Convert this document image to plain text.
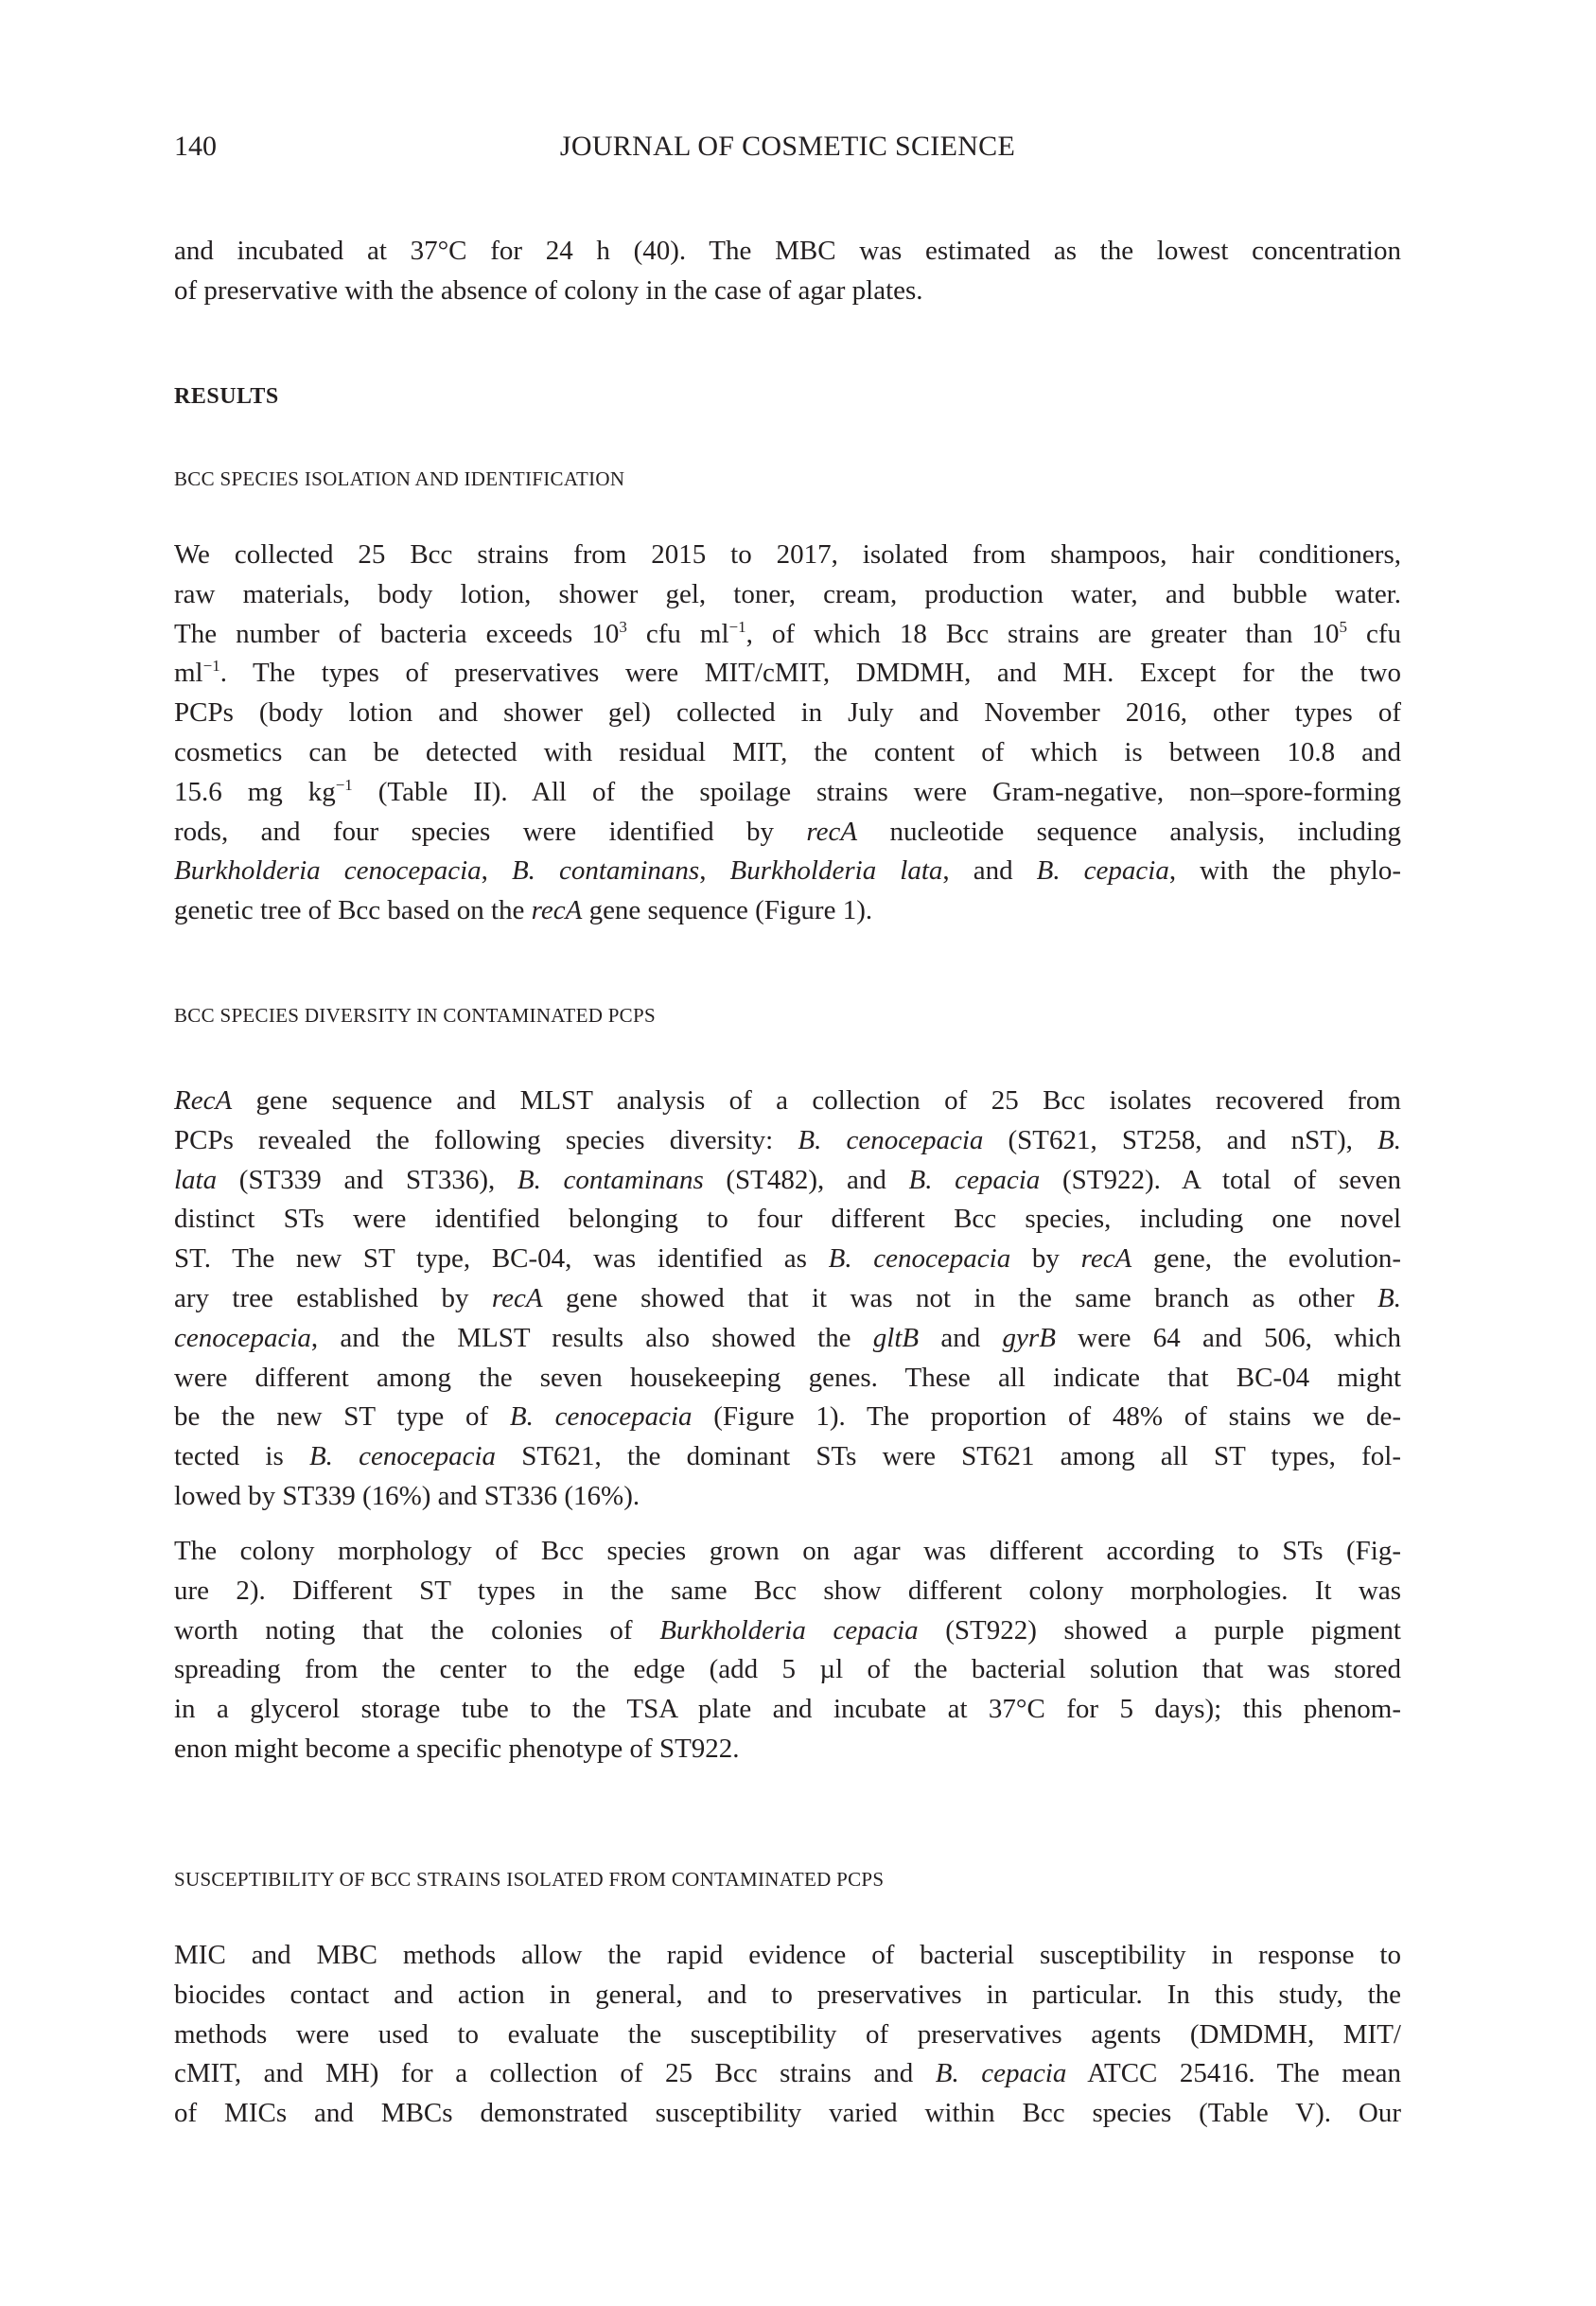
140	JOURNAL OF COSMETIC SCIENCE
and incubated at 37°C for 24 h (40). The MBC was estimated as the lowest concentration
of preservative with the absence of colony in the case of agar plates.
RESULTS
BCC SPECIES ISOLATION AND IDENTIFICATION
We collected 25 Bcc strains from 2015 to 2017, isolated from shampoos, hair conditioners,
raw materials, body lotion, shower gel, toner, cream, production water, and bubble water.
The number of bacteria exceeds $10^3$ cfu $ml^{-1}$, of which 18 Bcc strains are greater than $10^5$ cfu
$ml^{-1}$. The types of preservatives were MIT/cMIT, DMDMH, and MH. Except for the two
PCPs (body lotion and shower gel) collected in July and November 2016, other types of
cosmetics can be detected with residual MIT, the content of which is between 10.8 and
15.6 mg $kg^{-1}$ (Table II). All of the spoilage strains were Gram-negative, non–spore-forming
rods, and four species were identified by recA nucleotide sequence analysis, including
Burkholderia cenocepacia, B. contaminans, Burkholderia lata, and B. cepacia, with the phylo-
genetic tree of Bcc based on the recA gene sequence (Figure 1).
BCC SPECIES DIVERSITY IN CONTAMINATED PCPS
RecA gene sequence and MLST analysis of a collection of 25 Bcc isolates recovered from
PCPs revealed the following species diversity: B. cenocepacia (ST621, ST258, and nST), B.
lata (ST339 and ST336), B. contaminans (ST482), and B. cepacia (ST922). A total of seven
distinct STs were identified belonging to four different Bcc species, including one novel
ST. The new ST type, BC-04, was identified as B. cenocepacia by recA gene, the evolution-
ary tree established by recA gene showed that it was not in the same branch as other B.
cenocepacia, and the MLST results also showed the gltB and gyrB were 64 and 506, which
were different among the seven housekeeping genes. These all indicate that BC-04 might
be the new ST type of B. cenocepacia (Figure 1). The proportion of 48% of stains we de-
tected is B. cenocepacia ST621, the dominant STs were ST621 among all ST types, fol-
lowed by ST339 (16%) and ST336 (16%).
The colony morphology of Bcc species grown on agar was different according to STs (Fig-
ure 2). Different ST types in the same Bcc show different colony morphologies. It was
worth noting that the colonies of Burkholderia cepacia (ST922) showed a purple pigment
spreading from the center to the edge (add 5 µl of the bacterial solution that was stored
in a glycerol storage tube to the TSA plate and incubate at 37°C for 5 days); this phenom-
enon might become a specific phenotype of ST922.
SUSCEPTIBILITY OF BCC STRAINS ISOLATED FROM CONTAMINATED PCPS
MIC and MBC methods allow the rapid evidence of bacterial susceptibility in response to
biocides contact and action in general, and to preservatives in particular. In this study, the
methods were used to evaluate the susceptibility of preservatives agents (DMDMH, MIT/
cMIT, and MH) for a collection of 25 Bcc strains and B. cepacia ATCC 25416. The mean
of MICs and MBCs demonstrated susceptibility varied within Bcc species (Table V). Our
